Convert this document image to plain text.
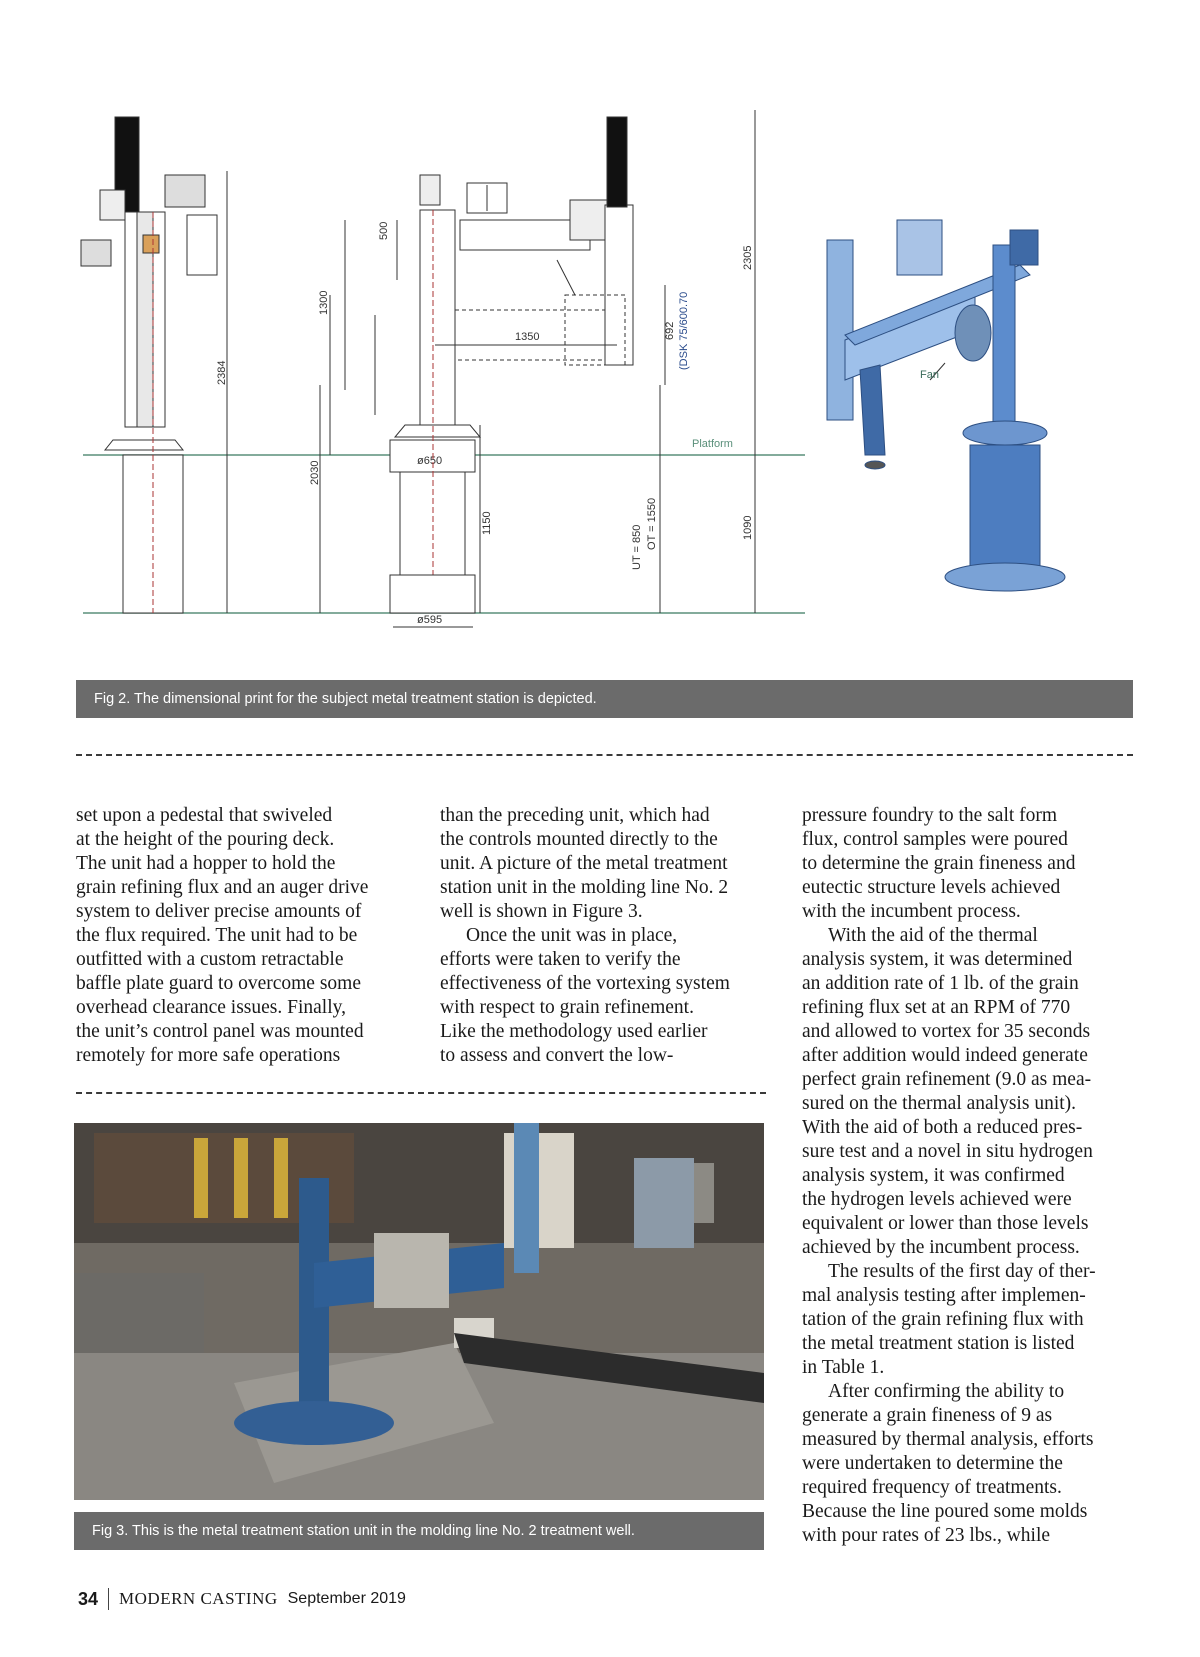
2384
1300
500
2030
1350
ø650
1150
ø595
692 (DSK 75/600.70
OT = 1550
UT = 850
2305
1090
Platform
Fan
Fig 2. The dimensional print for the subject metal treatment station is depicted.

set upon a pedestal that swiveled
at the height of the pouring deck.
The unit had a hopper to hold the
grain refining flux and an auger drive
system to deliver precise amounts of
the flux required. The unit had to be
outfitted with a custom retractable
baffle plate guard to overcome some
overhead clearance issues. Finally,
the unit’s control panel was mounted
remotely for more safe operations

than the preceding unit, which had
the controls mounted directly to the
unit. A picture of the metal treatment
station unit in the molding line No. 2
well is shown in Figure 3.

Once the unit was in place,
efforts were taken to verify the
effectiveness of the vortexing system
with respect to grain refinement.
Like the methodology used earlier
to assess and convert the low-

pressure foundry to the salt form
flux, control samples were poured
to determine the grain fineness and
eutectic structure levels achieved
with the incumbent process.

With the aid of the thermal
analysis system, it was determined
an addition rate of 1 lb. of the grain
refining flux set at an RPM of 770
and allowed to vortex for 35 seconds
after addition would indeed generate
perfect grain refinement (9.0 as mea-
sured on the thermal analysis unit).
With the aid of both a reduced pres-
sure test and a novel in situ hydrogen
analysis system, it was confirmed
the hydrogen levels achieved were
equivalent or lower than those levels
achieved by the incumbent process.

The results of the first day of ther-
mal analysis testing after implemen-
tation of the grain refining flux with
the metal treatment station is listed
in Table 1.

After confirming the ability to
generate a grain fineness of 9 as
measured by thermal analysis, efforts
were undertaken to determine the
required frequency of treatments.
Because the line poured some molds
with pour rates of 23 lbs., while

Fig 3. This is the metal treatment station unit in the molding line No. 2 treatment well.
34 MODERN CASTING September 2019
